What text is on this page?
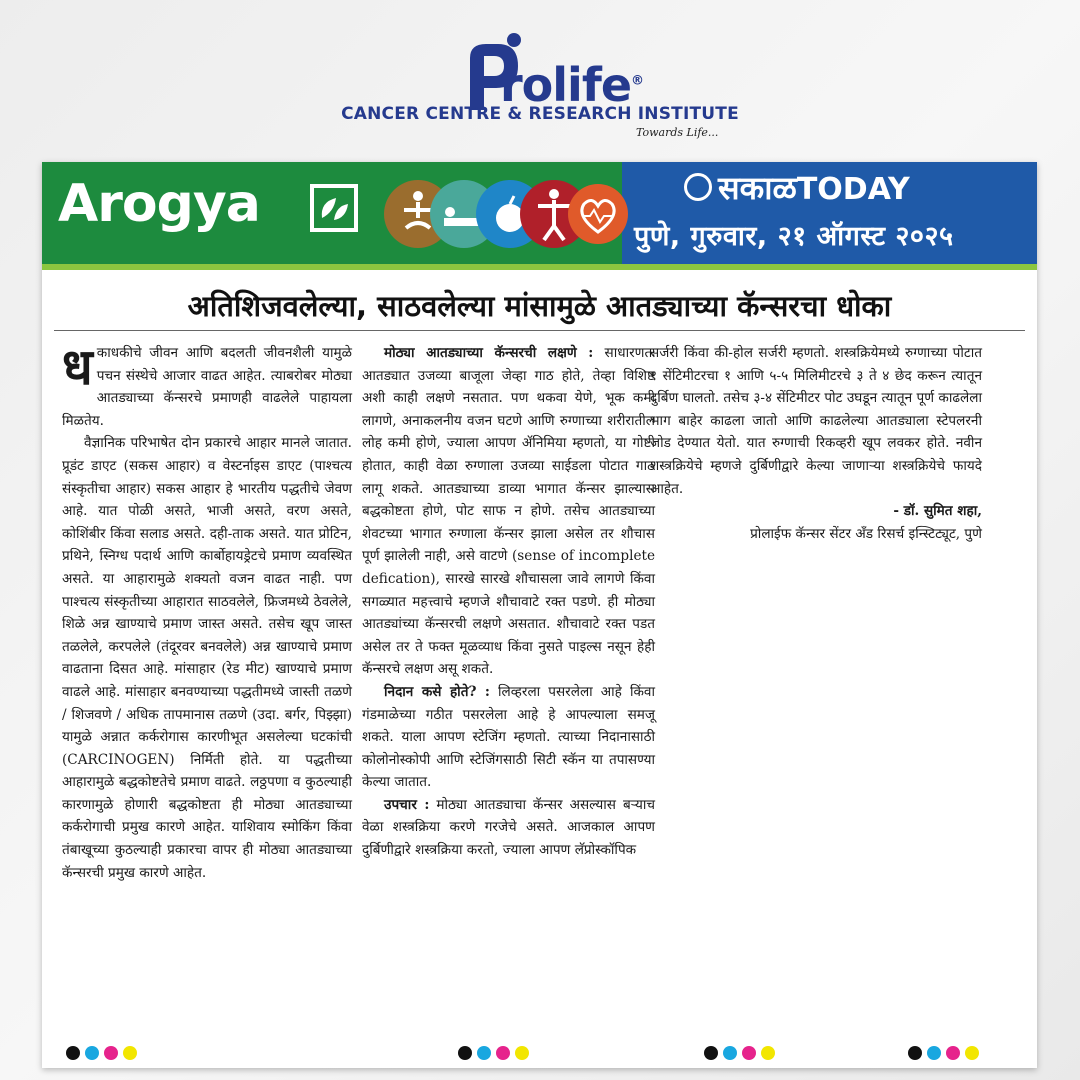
rolife®
CANCER CENTRE & RESEARCH INSTITUTE
Towards Life...
Arogya	सकाळTODAY
पुणे, गुरुवार, २१ ऑगस्ट २०२५
अतिशिजवलेल्या, साठवलेल्या मांसामुळे आतड्याच्या कॅन्सरचा धोका

धकाधकीचे जीवन आणि बदलती जीवनशैली यामुळे पचन संस्थेचे आजार वाढत आहेत. त्याबरोबर मोठ्या आतड्याच्या कॅन्सरचे प्रमाणही वाढलेले पाहायला मिळतेय.

वैज्ञानिक परिभाषेत दोन प्रकारचे आहार मानले जातात. प्रूडंट डाएट (सकस आहार) व वेस्टर्नाइस डाएट (पाश्चत्य संस्कृतीचा आहार) सकस आहार हे भारतीय पद्धतीचे जेवण आहे. यात पोळी असते, भाजी असते, वरण असते, कोशिंबीर किंवा सलाड असते. दही-ताक असते. यात प्रोटिन, प्रथिने, स्निग्ध पदार्थ आणि कार्बोहायड्रेटचे प्रमाण व्यवस्थित असते. या आहारामुळे शक्यतो वजन वाढत नाही. पण पाश्चत्य संस्कृतीच्या आहारात साठवलेले, फ्रिजमध्ये ठेवलेले, शिळे अन्न खाण्याचे प्रमाण जास्त असते. तसेच खूप जास्त तळलेले, करपलेले (तंदूरवर बनवलेले) अन्न खाण्याचे प्रमाण वाढताना दिसत आहे. मांसाहार (रेड मीट) खाण्याचे प्रमाण वाढले आहे. मांसाहार बनवण्याच्या पद्धतीमध्ये जास्ती तळणे / शिजवणे / अधिक तापमानास तळणे (उदा. बर्गर, पिझ्झा) यामुळे अन्नात कर्करोगास कारणीभूत असलेल्या घटकांची (CARCINOGEN) निर्मिती होते. या पद्धतीच्या आहारामुळे बद्धकोष्टतेचे प्रमाण वाढते. लठ्ठपणा व कुठल्याही कारणामुळे होणारी बद्धकोष्टता ही मोठ्या आतड्याच्या कर्करोगाची प्रमुख कारणे आहेत. याशिवाय स्मोकिंग किंवा तंबाखूच्या कुठल्याही प्रकारचा वापर ही मोठ्या आतड्याच्या कॅन्सरची प्रमुख कारणे आहेत.

मोठ्या आतड्याच्या कॅन्सरची लक्षणे : साधारणतः आतड्यात उजव्या बाजूला जेव्हा गाठ होते, तेव्हा विशिष्ट अशी काही लक्षणे नसतात. पण थकवा येणे, भूक कमी लागणे, अनाकलनीय वजन घटणे आणि रुग्णाच्या शरीरातील लोह कमी होणे, ज्याला आपण ॲनिमिया म्हणतो, या गोष्टी होतात, काही वेळा रुग्णाला उजव्या साईडला पोटात गाठ लागू शकते. आतड्याच्या डाव्या भागात कॅन्सर झाल्यास बद्धकोष्टता होणे, पोट साफ न होणे. तसेच आतड्याच्या शेवटच्या भागात रुग्णाला कॅन्सर झाला असेल तर शौचास पूर्ण झालेली नाही, असे वाटणे (sense of incomplete defication), सारखे सारखे शौचासला जावे लागणे किंवा सगळ्यात महत्त्वाचे म्हणजे शौचावाटे रक्त पडणे. ही मोठ्या आतड्यांच्या कॅन्सरची लक्षणे असतात. शौचावाटे रक्त पडत असेल तर ते फक्त मूळव्याध किंवा नुसते पाइल्स नसून हेही कॅन्सरचे लक्षण असू शकते.

निदान कसे होते? : लिव्हरला पसरलेला आहे किंवा गंडमाळेच्या गठीत पसरलेला आहे हे आपल्याला समजू शकते. याला आपण स्टेजिंग म्हणतो. त्याच्या निदानासाठी कोलोनोस्कोपी आणि स्टेजिंगसाठी सिटी स्कॅन या तपासण्या केल्या जातात.

उपचार : मोठ्या आतड्याचा कॅन्सर असल्यास बऱ्याच वेळा शस्त्रक्रिया करणे गरजेचे असते. आजकाल आपण दुर्बिणीद्वारे शस्त्रक्रिया करतो, ज्याला आपण लॅप्रोस्कॉपिक

सर्जरी किंवा की-होल सर्जरी म्हणतो. शस्त्रक्रियेमध्ये रुग्णाच्या पोटात १ सेंटिमीटरचा १ आणि ५-५ मिलिमीटरचे ३ ते ४ छेद करून त्यातून दुर्बिण घालतो. तसेच ३-४ सेंटिमीटर पोट उघडून त्यातून पूर्ण काढलेला भाग बाहेर काढला जातो आणि काढलेल्या आतड्याला स्टेपलरनी जोड देण्यात येतो. यात रुग्णाची रिकव्हरी खूप लवकर होते. नवीन शस्त्रक्रियेचे म्हणजे दुर्बिणीद्वारे केल्या जाणाऱ्या शस्त्रक्रियेचे फायदे आहेत.

- डॉ. सुमित शहा,

प्रोलाईफ कॅन्सर सेंटर अँड रिसर्च इन्स्टिट्यूट, पुणे
